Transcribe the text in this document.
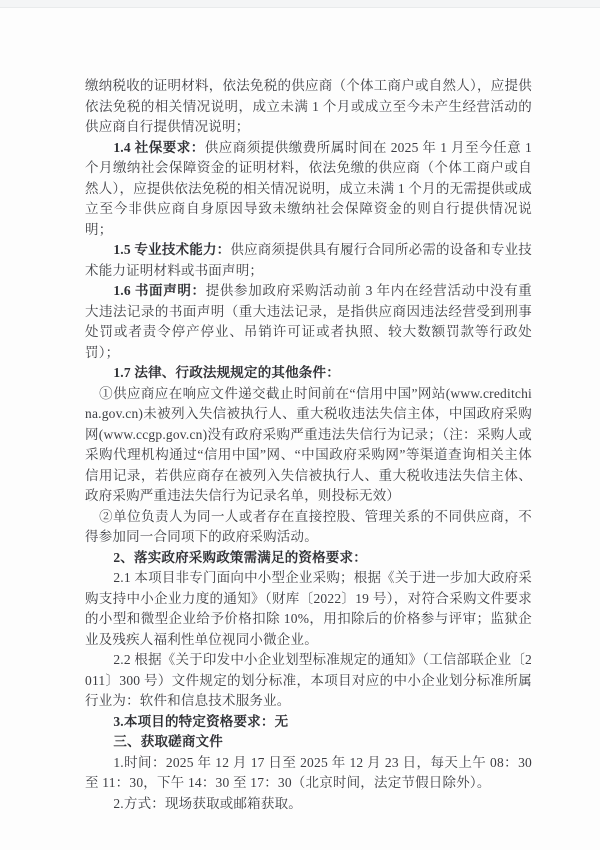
缴纳税收的证明材料，依法免税的供应商（个体工商户或自然人），应提供依法免税的相关情况说明，成立未满 1 个月或成立至今未产生经营活动的供应商自行提供情况说明；

1.4 社保要求：供应商须提供缴费所属时间在 2025 年 1 月至今任意 1 个月缴纳社会保障资金的证明材料，依法免缴的供应商（个体工商户或自然人），应提供依法免税的相关情况说明，成立未满 1 个月的无需提供或成立至今非供应商自身原因导致未缴纳社会保障资金的则自行提供情况说明；

1.5 专业技术能力：供应商须提供具有履行合同所必需的设备和专业技术能力证明材料或书面声明；

1.6 书面声明：提供参加政府采购活动前 3 年内在经营活动中没有重大违法记录的书面声明（重大违法记录，是指供应商因违法经营受到刑事处罚或者责令停产停业、吊销许可证或者执照、较大数额罚款等行政处罚）；

1.7 法律、行政法规规定的其他条件：

①供应商应在响应文件递交截止时间前在“信用中国”网站(www.creditchina.gov.cn)未被列入失信被执行人、重大税收违法失信主体，中国政府采购网(www.ccgp.gov.cn)没有政府采购严重违法失信行为记录；（注：采购人或采购代理机构通过“信用中国”网、“中国政府采购网”等渠道查询相关主体信用记录，若供应商存在被列入失信被执行人、重大税收违法失信主体、政府采购严重违法失信行为记录名单，则投标无效）

②单位负责人为同一人或者存在直接控股、管理关系的不同供应商，不得参加同一合同项下的政府采购活动。

2、落实政府采购政策需满足的资格要求：

2.1 本项目非专门面向中小型企业采购；根据《关于进一步加大政府采购支持中小企业力度的通知》（财库〔2022〕19 号），对符合采购文件要求的小型和微型企业给予价格扣除 10%，用扣除后的价格参与评审；监狱企业及残疾人福利性单位视同小微企业。

2.2 根据《关于印发中小企业划型标准规定的通知》（工信部联企业〔2011〕300 号）文件规定的划分标准，本项目对应的中小企业划分标准所属行业为：软件和信息技术服务业。

3.本项目的特定资格要求：无

三、获取磋商文件

1.时间：2025 年 12 月 17 日至 2025 年 12 月 23 日，每天上午 08：30 至 11：30，下午 14：30 至 17：30（北京时间，法定节假日除外）。

2.方式：现场获取或邮箱获取。
